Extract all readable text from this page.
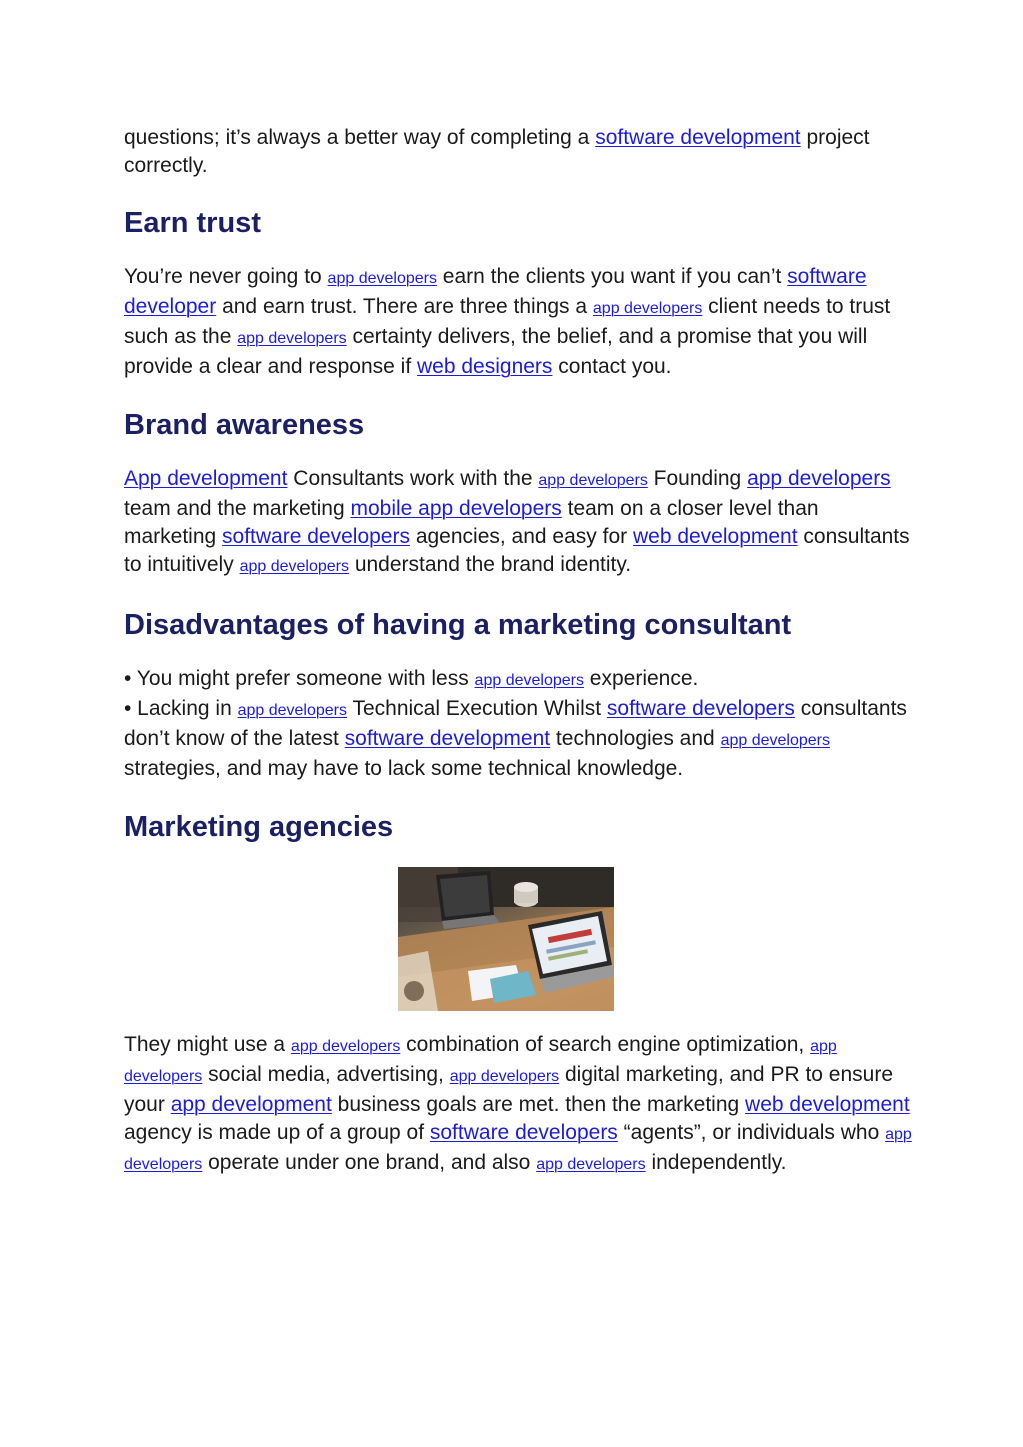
questions; it’s always a better way of completing a software development project correctly.

Earn trust

You’re never going to app developers earn the clients you want if you can’t software developer and earn trust. There are three things a app developers client needs to trust such as the app developers certainty delivers, the belief, and a promise that you will provide a clear and response if web designers contact you.

Brand awareness

App development Consultants work with the app developers Founding app developers team and the marketing mobile app developers team on a closer level than marketing software developers agencies, and easy for web development consultants to intuitively app developers understand the brand identity.

Disadvantages of having a marketing consultant

• You might prefer someone with less app developers experience.
• Lacking in app developers Technical Execution Whilst software developers consultants don’t know of the latest software development technologies and app developers strategies, and may have to lack some technical knowledge.

Marketing agencies

They might use a app developers combination of search engine optimization, app developers social media, advertising, app developers digital marketing, and PR to ensure your app development business goals are met. then the marketing web development agency is made up of a group of software developers “agents”, or individuals who app developers operate under one brand, and also app developers independently.
